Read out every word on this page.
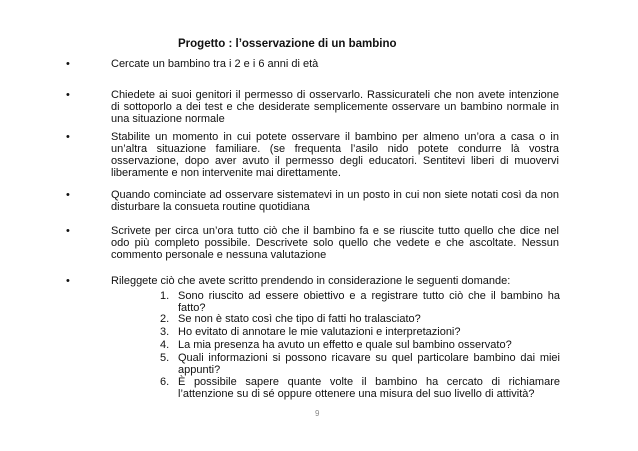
Progetto : l’osservazione di un bambino
•	Cercate un bambino tra i 2 e i 6 anni di età
•	Chiedete ai suoi genitori il permesso di osservarlo. Rassicurateli che non avete intenzione di sottoporlo a dei test e che desiderate semplicemente osservare un bambino normale in una situazione normale
•	Stabilite un momento in cui potete osservare il bambino per almeno un’ora a casa o in un’altra situazione familiare. (se frequenta l’asilo nido potete condurre là vostra osservazione, dopo aver avuto il permesso degli educatori. Sentitevi liberi di muovervi liberamente e non intervenite mai direttamente.
•	Quando cominciate ad osservare sistematevi in un posto in cui non siete notati così da non disturbare la consueta routine quotidiana
•	Scrivete per circa un’ora tutto ciò che il bambino fa e se riuscite tutto quello che dice nel odo più completo possibile. Descrivete solo quello che vedete e che ascoltate. Nessun commento personale e nessuna valutazione
•	Rileggete ciò che avete scritto prendendo in considerazione le seguenti domande:
1. Sono riuscito ad essere obiettivo e a registrare tutto ciò che il bambino ha fatto?
2. Se non è stato così che tipo di fatti ho tralasciato?
3. Ho evitato di annotare le mie valutazioni e interpretazioni?
4. La mia presenza ha avuto un effetto e quale sul bambino osservato?
5. Quali informazioni si possono ricavare su quel particolare bambino dai miei appunti?
6. È possibile sapere quante volte il bambino ha cercato di richiamare l’attenzione su di sé oppure ottenere una misura del suo livello di attività?
9
